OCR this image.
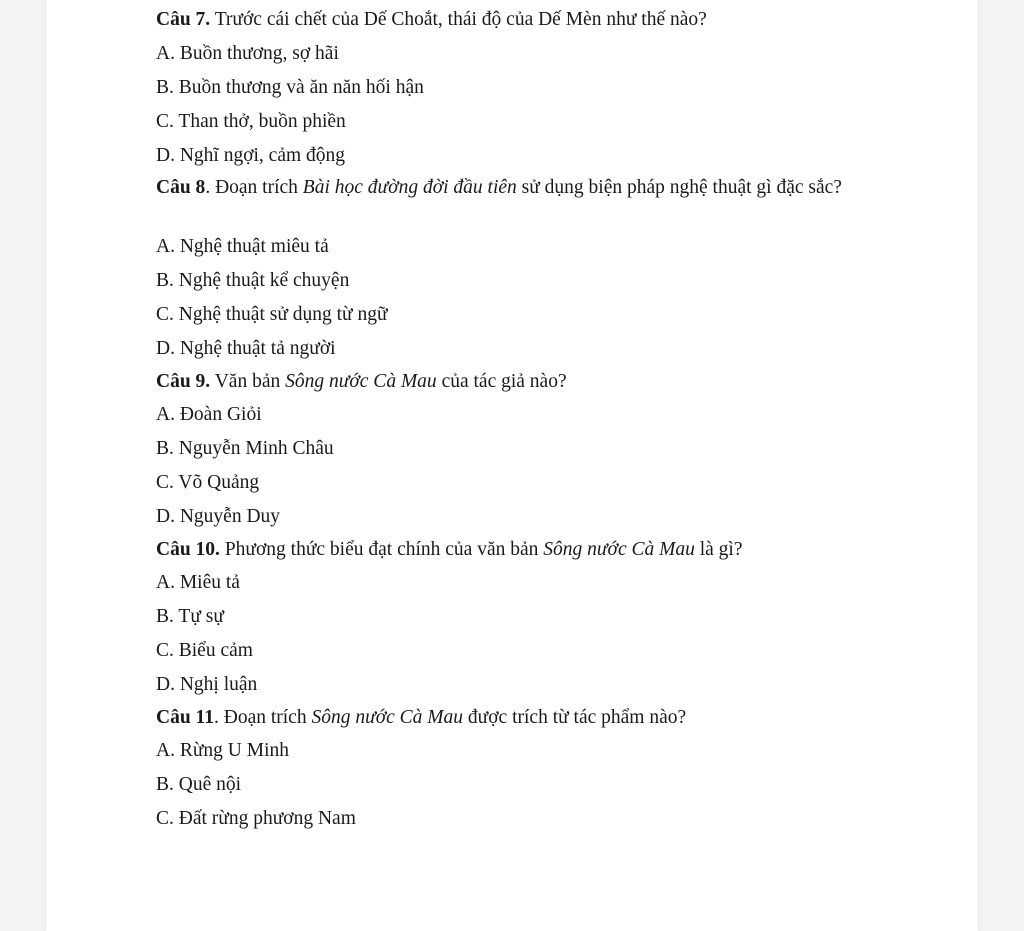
Câu 7. Trước cái chết của Dế Choắt, thái độ của Dế Mèn như thế nào?
A. Buồn thương, sợ hãi
B. Buồn thương và ăn năn hối hận
C. Than thở, buồn phiền
D. Nghĩ ngợi, cảm động
Câu 8. Đoạn trích Bài học đường đời đầu tiên sử dụng biện pháp nghệ thuật gì đặc sắc?
A. Nghệ thuật miêu tả
B. Nghệ thuật kể chuyện
C. Nghệ thuật sử dụng từ ngữ
D. Nghệ thuật tả người
Câu 9. Văn bản Sông nước Cà Mau của tác giả nào?
A. Đoàn Giỏi
B. Nguyễn Minh Châu
C. Võ Quảng
D. Nguyễn Duy
Câu 10. Phương thức biểu đạt chính của văn bản Sông nước Cà Mau là gì?
A. Miêu tả
B. Tự sự
C. Biểu cảm
D. Nghị luận
Câu 11. Đoạn trích Sông nước Cà Mau được trích từ tác phẩm nào?
A. Rừng U Minh
B. Quê nội
C. Đất rừng phương Nam
